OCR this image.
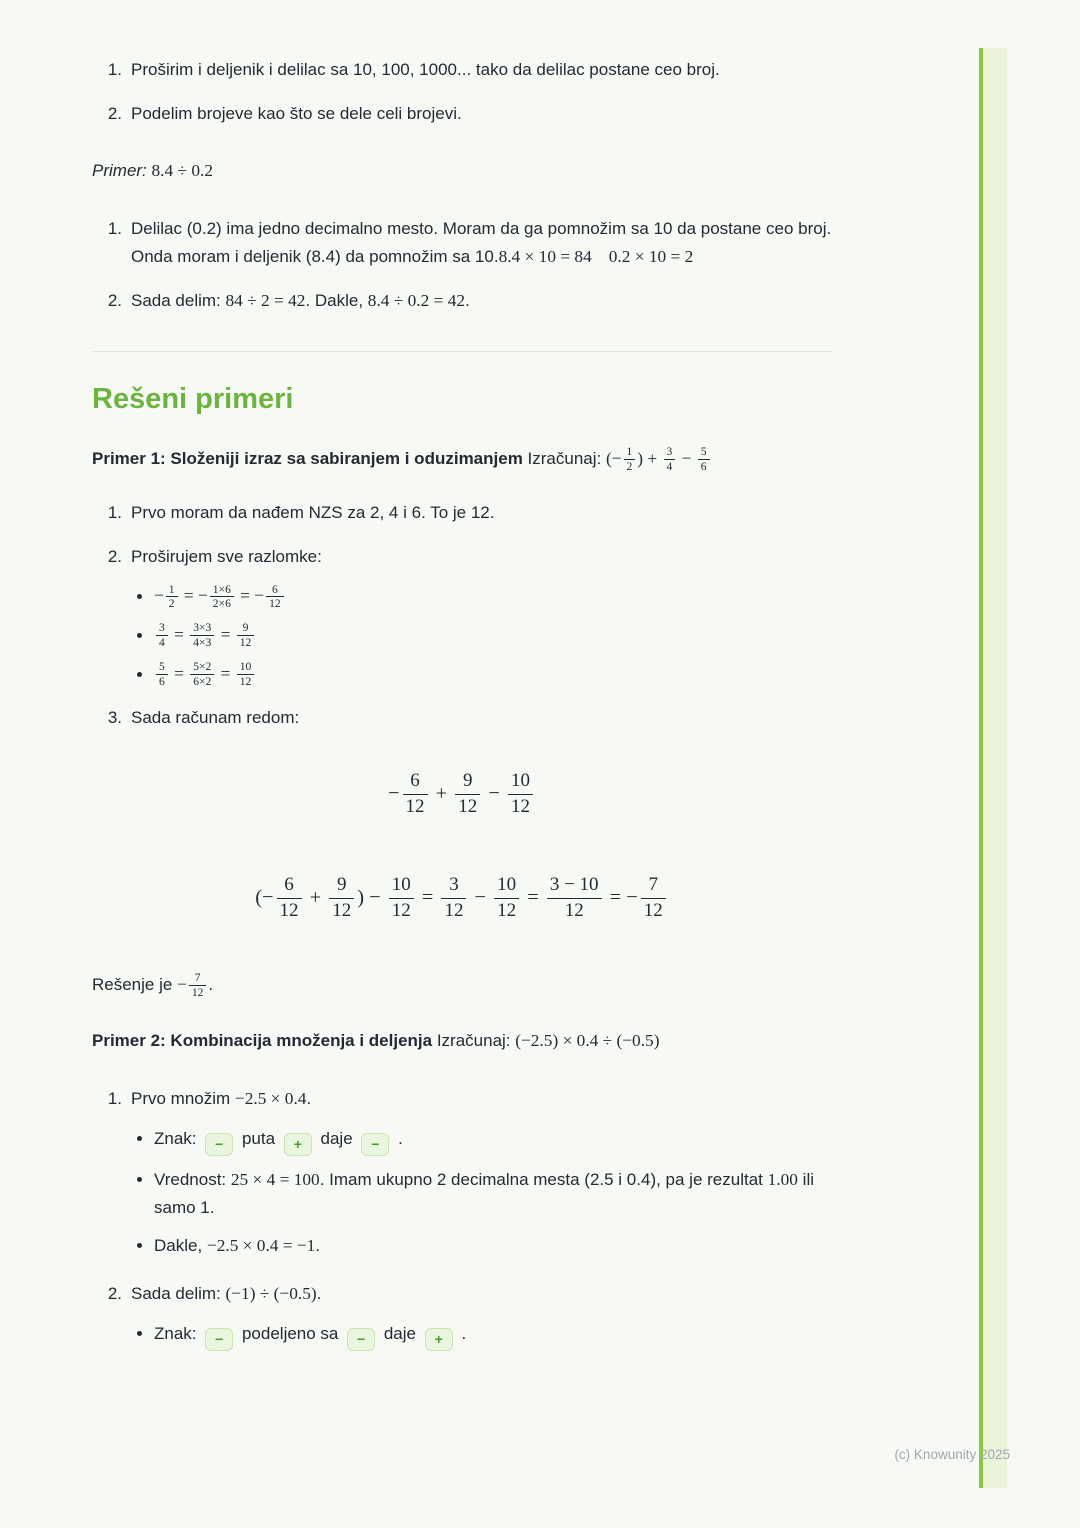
1. Proširim i deljenik i delilac sa 10, 100, 1000... tako da delilac postane ceo broj.
2. Podelim brojeve kao što se dele celi brojevi.

Primer: 8.4 ÷ 0.2

1. Delilac (0.2) ima jedno decimalno mesto. Moram da ga pomnožim sa 10 da postane ceo broj. Onda moram i deljenik (8.4) da pomnožim sa 10.8.4 × 10 = 84   0.2 × 10 = 2
2. Sada delim: 84 ÷ 2 = 42. Dakle, 8.4 ÷ 0.2 = 42.
Rešeni primeri

Primer 1: Složeniji izraz sa sabiranjem i oduzimanjem Izračunaj: (− $\frac{1}{2}$ ) + $\frac{3}{4} - \frac{5}{6}$

1. Prvo moram da nađem NZS za 2, 4 i 6. To je 12.
2. Proširujem sve razlomke:
− $\frac{1}{2}$ = − $\frac{1\times 6}{2\times 6}$ = − $\frac{6}{12}$
$\frac{3}{4} = \frac{3\times 3}{4\times 3} = \frac{9}{12}$
$\frac{5}{6} = \frac{5\times 2}{6\times 2} = \frac{10}{12}$
3. Sada računam redom:
− $\frac{6}{12} + \frac{9}{12} - \frac{10}{12}$
(− $\frac{6}{12} + \frac{9}{12}$ ) − $\frac{10}{12} = \frac{3}{12} - \frac{10}{12} = \frac{3 - 10}{12}$ = − $\frac{7}{12}$

Rešenje je − $\frac{7}{12}$ .

Primer 2: Kombinacija množenja i deljenja Izračunaj: (−2.5) × 0.4 ÷ (−0.5)

1. Prvo množim −2.5 × 0.4.
Znak: − puta + daje − .
Vrednost: 25 × 4 = 100. Imam ukupno 2 decimalna mesta (2.5 i 0.4), pa je rezultat 1.00 ili samo 1.
Dakle, −2.5 × 0.4 = −1.
2. Sada delim: (−1) ÷ (−0.5).
Znak: − podeljeno sa − daje + .
(c) Knowunity 2025
